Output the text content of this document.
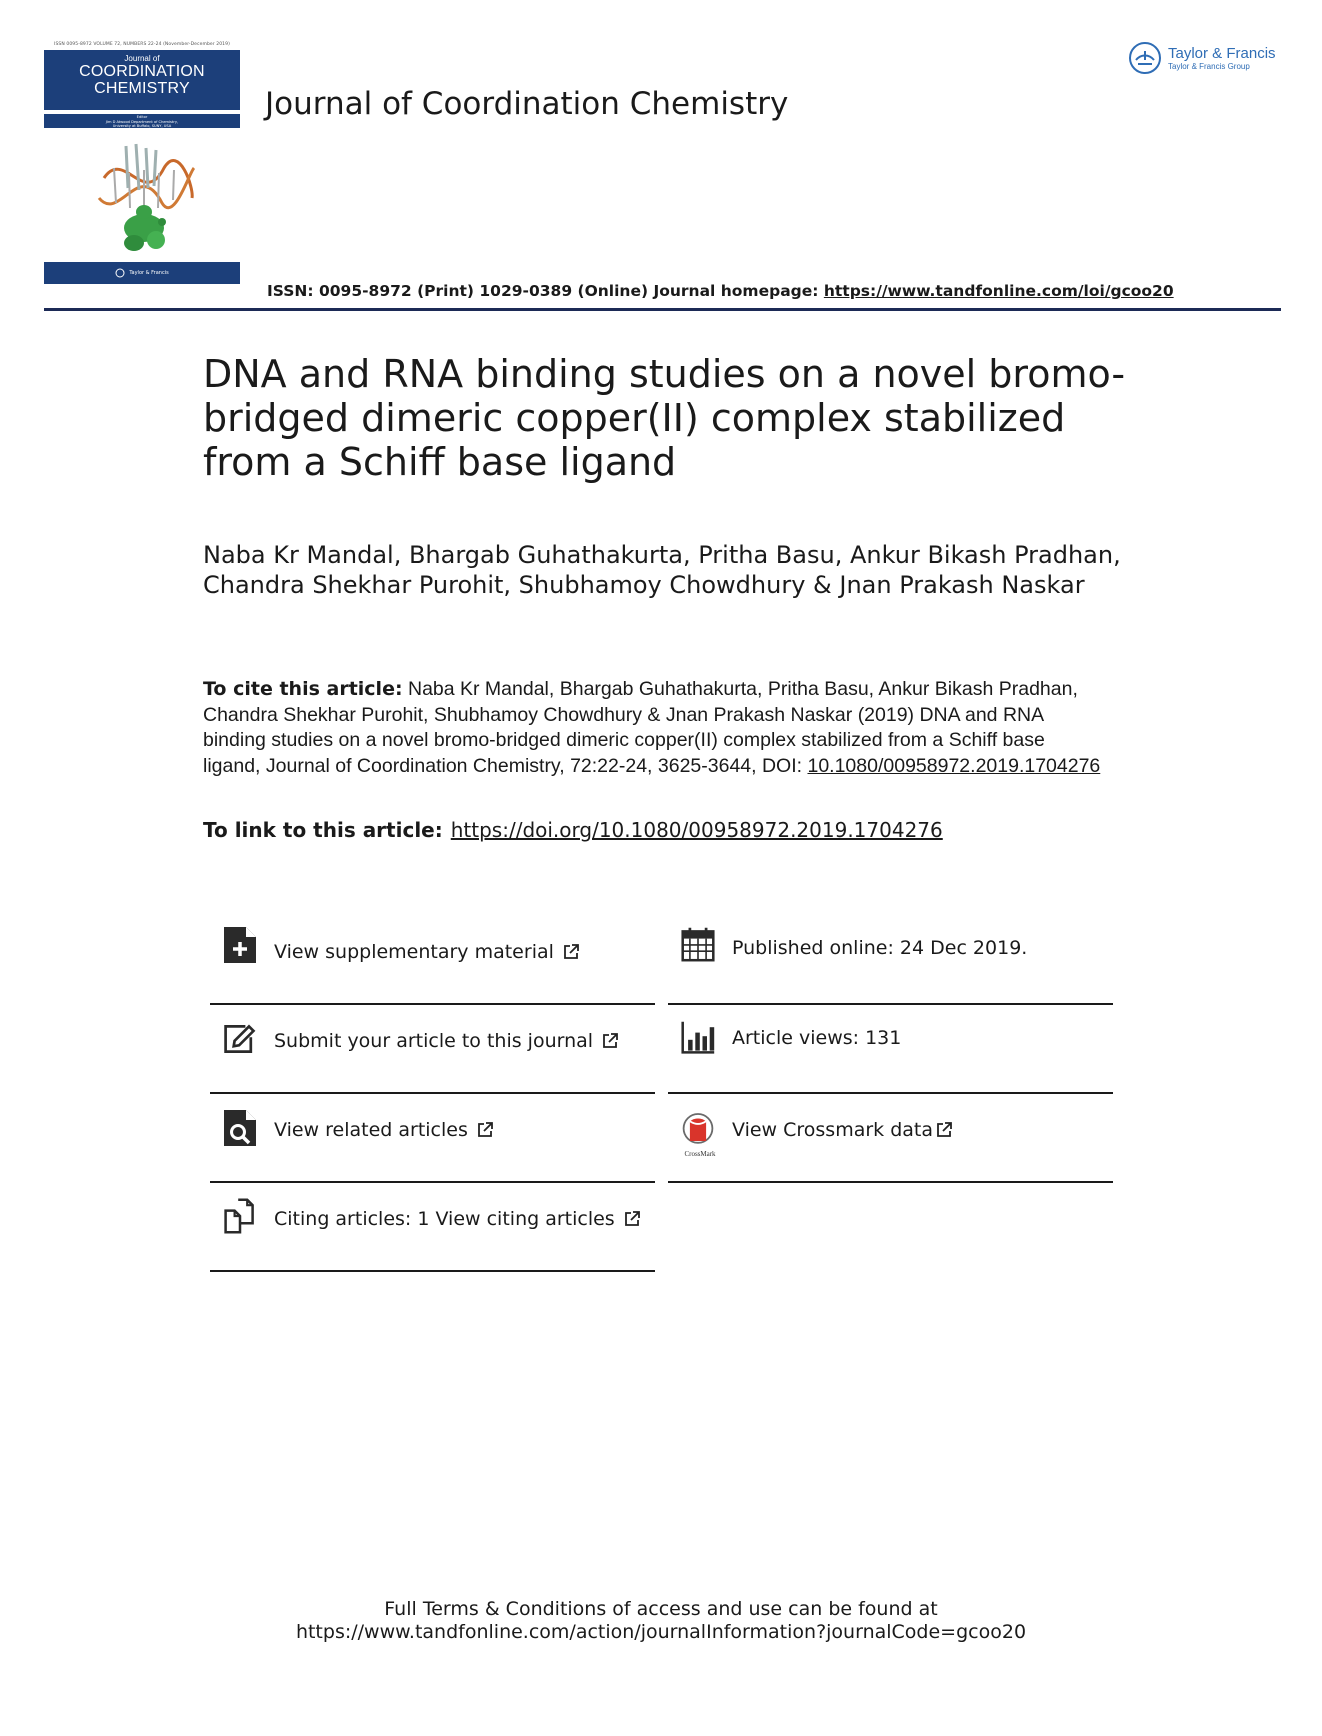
ISSN 0095-8972 VOLUME 72, NUMBERS 22-24 (November-December 2019)
Journal of
COORDINATION
CHEMISTRY
Editor
Jim D Atwood Department of Chemistry,
University at Buffalo, SUNY, USA
Taylor & Francis
Journal of Coordination Chemistry
Taylor & Francis
Taylor & Francis Group
ISSN: 0095-8972 (Print) 1029-0389 (Online) Journal homepage: https://www.tandfonline.com/loi/gcoo20
DNA and RNA binding studies on a novel bromo-bridged dimeric copper(II) complex stabilized from a Schiff base ligand
Naba Kr Mandal, Bhargab Guhathakurta, Pritha Basu, Ankur Bikash Pradhan, Chandra Shekhar Purohit, Shubhamoy Chowdhury & Jnan Prakash Naskar
To cite this article: Naba Kr Mandal, Bhargab Guhathakurta, Pritha Basu, Ankur Bikash Pradhan, Chandra Shekhar Purohit, Shubhamoy Chowdhury & Jnan Prakash Naskar (2019) DNA and RNA binding studies on a novel bromo-bridged dimeric copper(II) complex stabilized from a Schiff base ligand, Journal of Coordination Chemistry, 72:22-24, 3625-3644, DOI: 10.1080/00958972.2019.1704276
To link to this article: https://doi.org/10.1080/00958972.2019.1704276
View supplementary material
Submit your article to this journal
View related articles
Citing articles: 1 View citing articles
Published online: 24 Dec 2019.
Article views: 131
CrossMark
View Crossmark data
Full Terms & Conditions of access and use can be found at
https://www.tandfonline.com/action/journalInformation?journalCode=gcoo20
